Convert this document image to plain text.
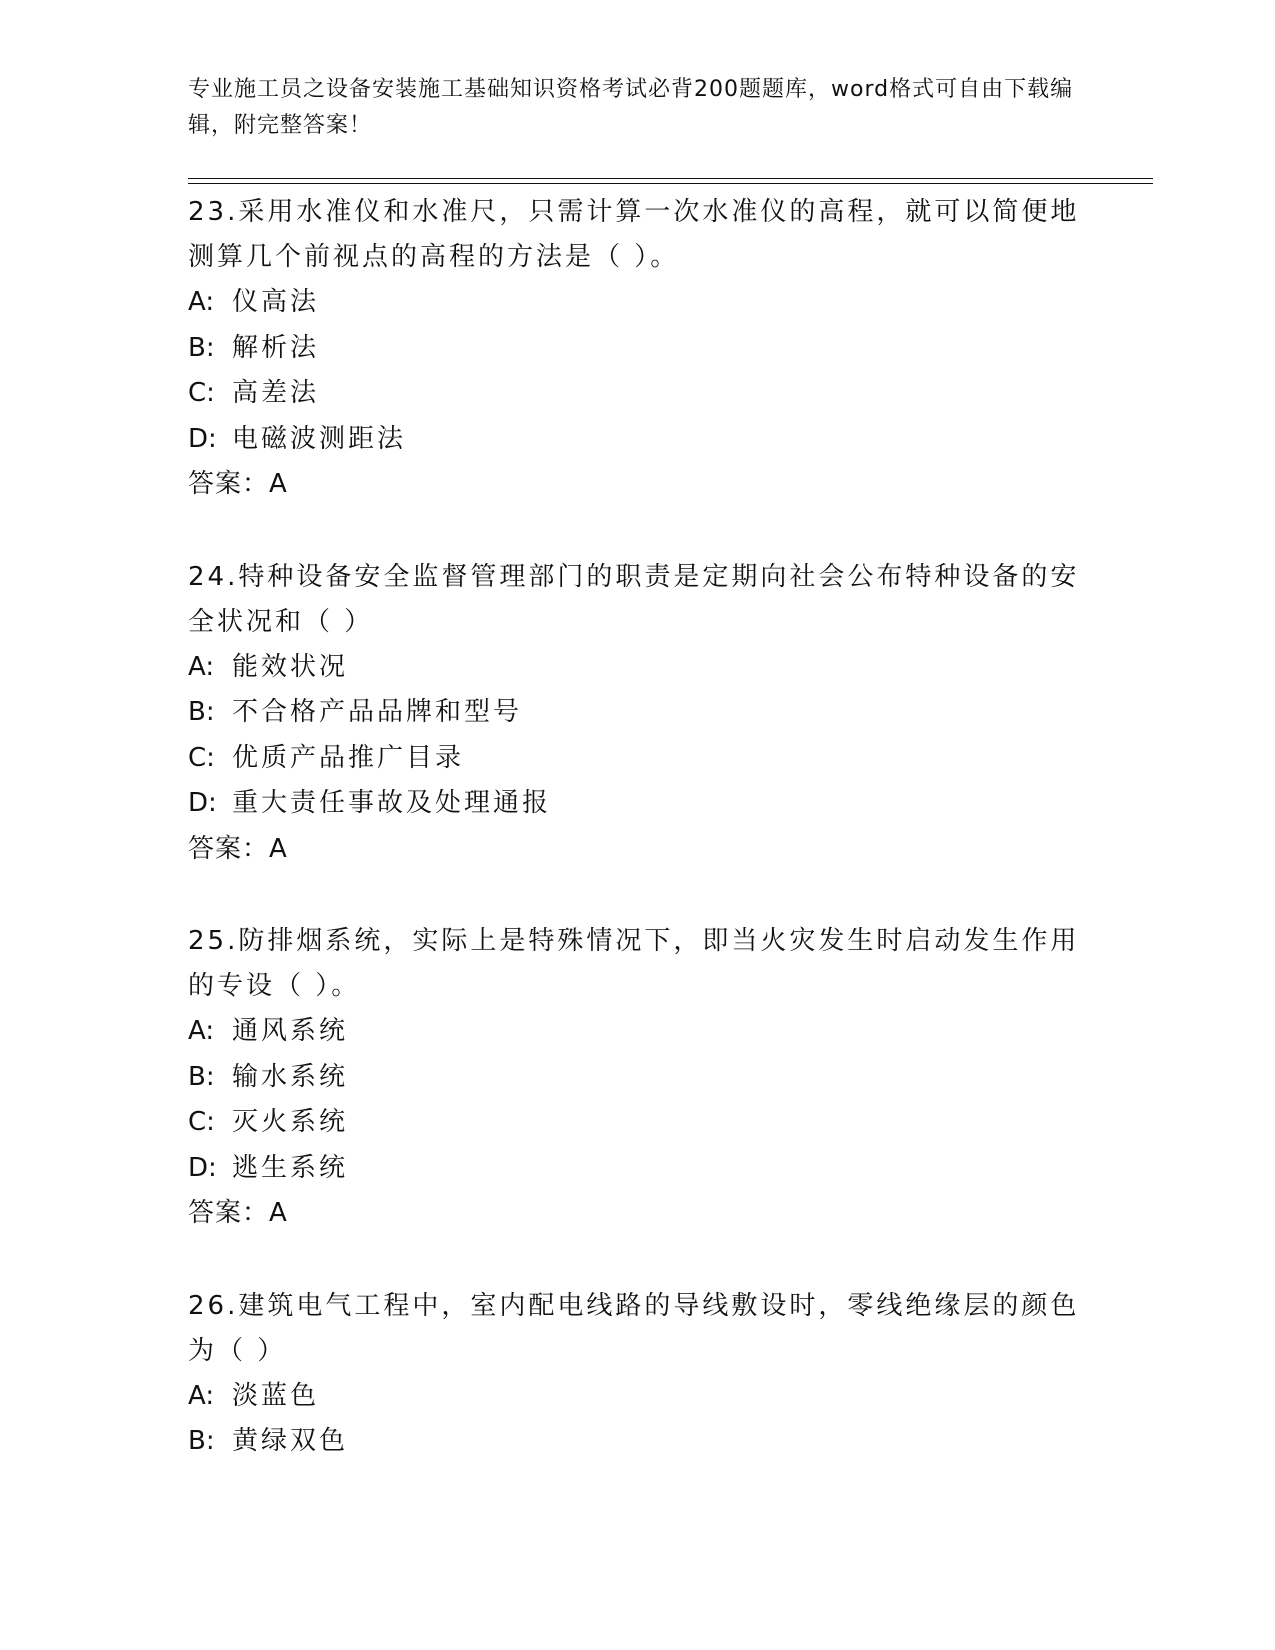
专业施工员之设备安装施工基础知识资格考试必背200题题库，word格式可自由下载编辑，附完整答案！
23.采用水准仪和水准尺，只需计算一次水准仪的高程，就可以简便地测算几个前视点的高程的方法是（ ）。
A: 仪高法
B: 解析法
C: 高差法
D: 电磁波测距法
答案：A
24.特种设备安全监督管理部门的职责是定期向社会公布特种设备的安全状况和（ ）
A: 能效状况
B: 不合格产品品牌和型号
C: 优质产品推广目录
D: 重大责任事故及处理通报
答案：A
25.防排烟系统，实际上是特殊情况下，即当火灾发生时启动发生作用的专设（ ）。
A: 通风系统
B: 输水系统
C: 灭火系统
D: 逃生系统
答案：A
26.建筑电气工程中，室内配电线路的导线敷设时，零线绝缘层的颜色为（ ）
A: 淡蓝色
B: 黄绿双色
